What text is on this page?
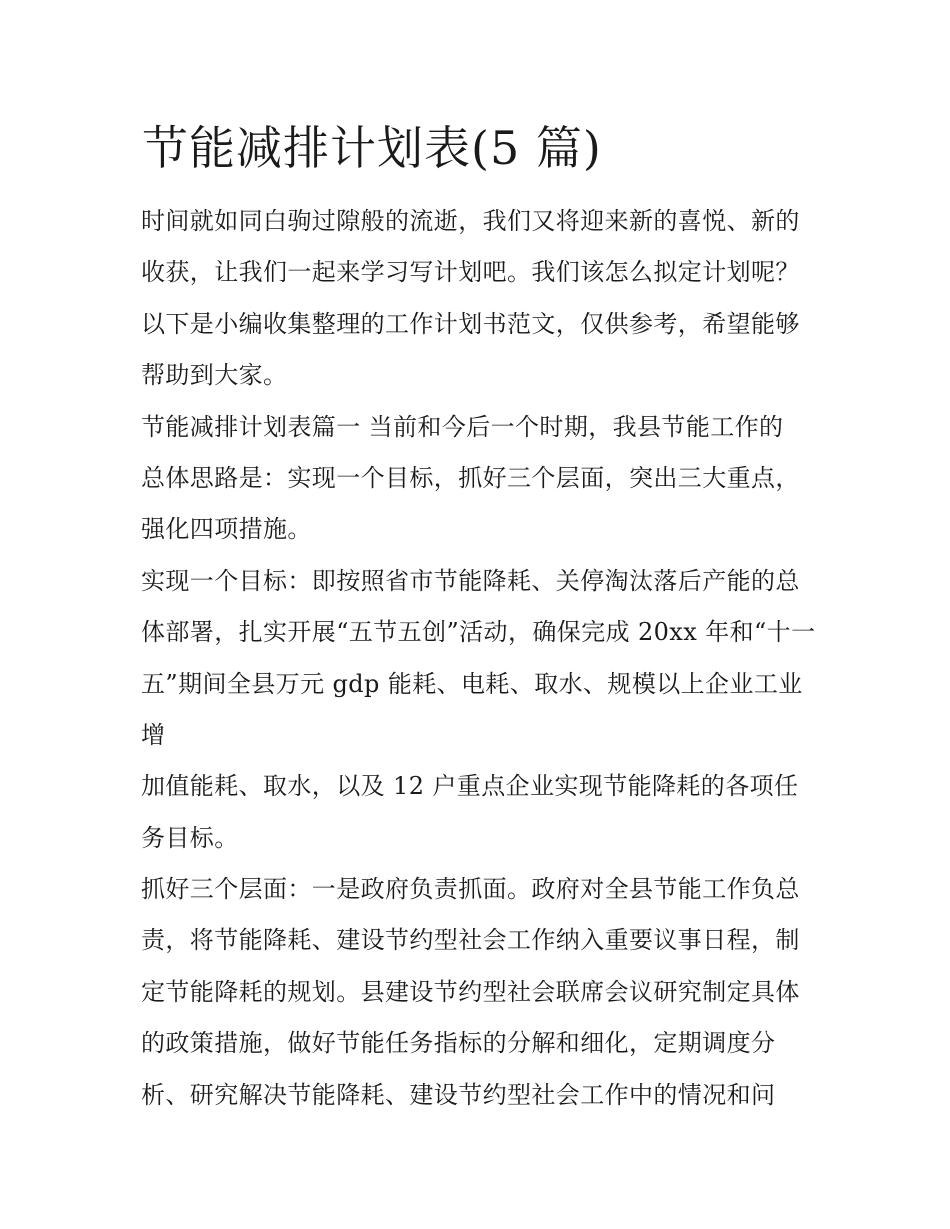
节能减排计划表(5 篇)
时间就如同白驹过隙般的流逝，我们又将迎来新的喜悦、新的
收获，让我们一起来学习写计划吧。我们该怎么拟定计划呢？
以下是小编收集整理的工作计划书范文，仅供参考，希望能够
帮助到大家。
节能减排计划表篇一 当前和今后一个时期，我县节能工作的
总体思路是：实现一个目标，抓好三个层面，突出三大重点，
强化四项措施。
实现一个目标：即按照省市节能降耗、关停淘汰落后产能的总
体部署，扎实开展“五节五创”活动，确保完成 20xx 年和“十一
五”期间全县万元 gdp 能耗、电耗、取水、规模以上企业工业
增
加值能耗、取水，以及 12 户重点企业实现节能降耗的各项任
务目标。
抓好三个层面：一是政府负责抓面。政府对全县节能工作负总
责，将节能降耗、建设节约型社会工作纳入重要议事日程，制
定节能降耗的规划。县建设节约型社会联席会议研究制定具体
的政策措施，做好节能任务指标的分解和细化，定期调度分
析、研究解决节能降耗、建设节约型社会工作中的情况和问
